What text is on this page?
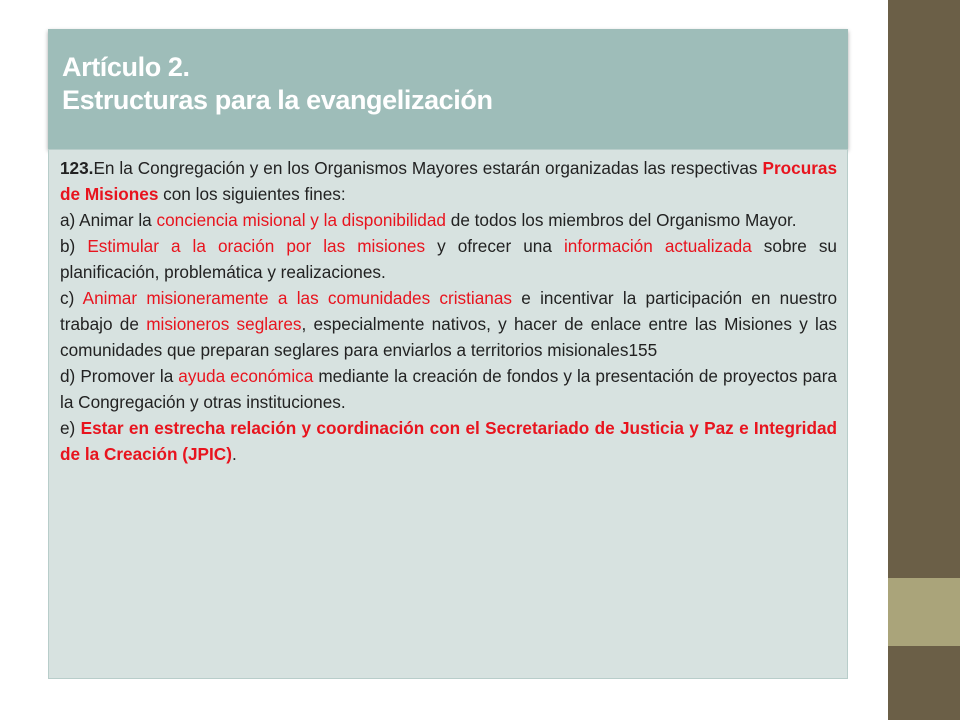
Artículo 2.
Estructuras para la evangelización

123.En la Congregación y en los Organismos Mayores estarán organizadas las respectivas Procuras de Misiones con los siguientes fines:

a) Animar la conciencia misional y la disponibilidad de todos los miembros del Organismo Mayor.

b) Estimular a la oración por las misiones y ofrecer una información actualizada sobre su planificación, problemática y realizaciones.

c) Animar misioneramente a las comunidades cristianas e incentivar la participación en nuestro trabajo de misioneros seglares, especialmente nativos, y hacer de enlace entre las Misiones y las comunidades que preparan seglares para enviarlos a territorios misionales155

d) Promover la ayuda económica mediante la creación de fondos y la presentación de proyectos para la Congregación y otras instituciones.

e) Estar en estrecha relación y coordinación con el Secretariado de Justicia y Paz e Integridad de la Creación (JPIC).
